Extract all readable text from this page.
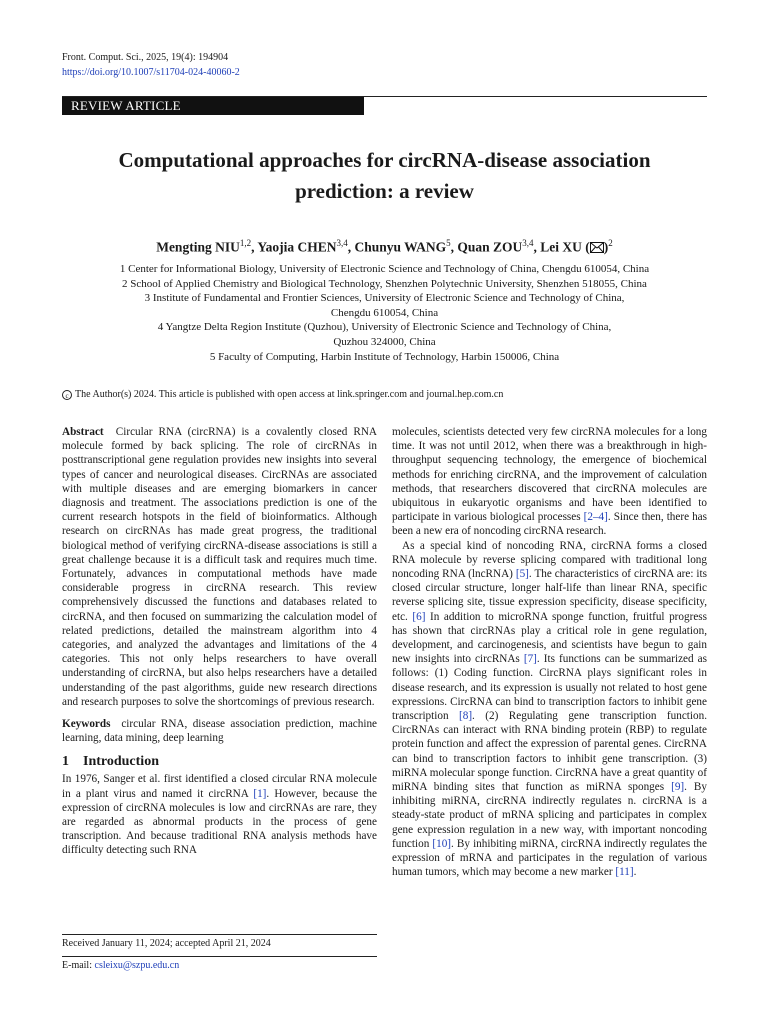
Front. Comput. Sci., 2025, 19(4): 194904
https://doi.org/10.1007/s11704-024-40060-2
REVIEW ARTICLE
Computational approaches for circRNA-disease association
prediction: a review
Mengting NIU$^{1,2}$, Yaojia CHEN$^{3,4}$, Chunyu WANG$^5$, Quan ZOU$^{3,4}$, Lei XU ( )$^2$
1 Center for Informational Biology, University of Electronic Science and Technology of China, Chengdu 610054, China
2 School of Applied Chemistry and Biological Technology, Shenzhen Polytechnic University, Shenzhen 518055, China
3 Institute of Fundamental and Frontier Sciences, University of Electronic Science and Technology of China,
Chengdu 610054, China
4 Yangtze Delta Region Institute (Quzhou), University of Electronic Science and Technology of China,
Quzhou 324000, China
5 Faculty of Computing, Harbin Institute of Technology, Harbin 150006, China
c The Author(s) 2024. This article is published with open access at link.springer.com and journal.hep.com.cn

Abstract Circular RNA (circRNA) is a covalently closed RNA molecule formed by back splicing. The role of circRNAs in posttranscriptional gene regulation provides new insights into several types of cancer and neurological diseases. CircRNAs are associated with multiple diseases and are emerging biomarkers in cancer diagnosis and treatment. The associations prediction is one of the current research hotspots in the field of bioinformatics. Although research on circRNAs has made great progress, the traditional biological method of verifying circRNA-disease associations is still a great challenge because it is a difficult task and requires much time. Fortunately, advances in computational methods have made considerable progress in circRNA research. This review comprehensively discussed the functions and databases related to circRNA, and then focused on summarizing the calculation model of related predictions, detailed the mainstream algorithm into 4 categories, and analyzed the advantages and limitations of the 4 categories. This not only helps researchers to have overall understanding of circRNA, but also helps researchers have a detailed understanding of the past algorithms, guide new research directions and research purposes to solve the shortcomings of previous research.

Keywords circular RNA, disease association prediction, machine learning, data mining, deep learning

1 Introduction

In 1976, Sanger et al. first identified a closed circular RNA molecule in a plant virus and named it circRNA [1]. However, because the expression of circRNA molecules is low and circRNAs are rare, they are regarded as abnormal products in the process of gene transcription. And because traditional RNA analysis methods have difficulty detecting such RNA

molecules, scientists detected very few circRNA molecules for a long time. It was not until 2012, when there was a breakthrough in high-throughput sequencing technology, the emergence of biochemical methods for enriching circRNA, and the improvement of calculation methods, that researchers discovered that circRNA molecules are ubiquitous in eukaryotic organisms and have been identified to participate in various biological processes [2–4]. Since then, there has been a new era of noncoding circRNA research.

As a special kind of noncoding RNA, circRNA forms a closed RNA molecule by reverse splicing compared with traditional long noncoding RNA (lncRNA) [5]. The characteristics of circRNA are: its closed circular structure, longer half-life than linear RNA, specific reverse splicing site, tissue expression specificity, disease specificity, etc. [6] In addition to microRNA sponge function, fruitful progress has shown that circRNAs play a critical role in gene regulation, development, and carcinogenesis, and scientists have begun to gain new insights into circRNAs [7]. Its functions can be summarized as follows: (1) Coding function. CircRNA plays significant roles in disease research, and its expression is usually not related to host gene expressions. CircRNA can bind to transcription factors to inhibit gene transcription [8]. (2) Regulating gene transcription function. CircRNAs can interact with RNA binding protein (RBP) to regulate protein function and affect the expression of parental genes. CircRNA can bind to transcription factors to inhibit gene transcription. (3) miRNA molecular sponge function. CircRNA have a great quantity of miRNA binding sites that function as miRNA sponges [9]. By inhibiting miRNA, circRNA indirectly regulates n. circRNA is a steady-state product of mRNA splicing and participates in complex gene expression regulation in a new way, with important noncoding function [10]. By inhibiting miRNA, circRNA indirectly regulates the expression of mRNA and participates in the regulation of various human tumors, which may become a new marker [11].

Received January 11, 2024; accepted April 21, 2024
E-mail: csleixu@szpu.edu.cn
